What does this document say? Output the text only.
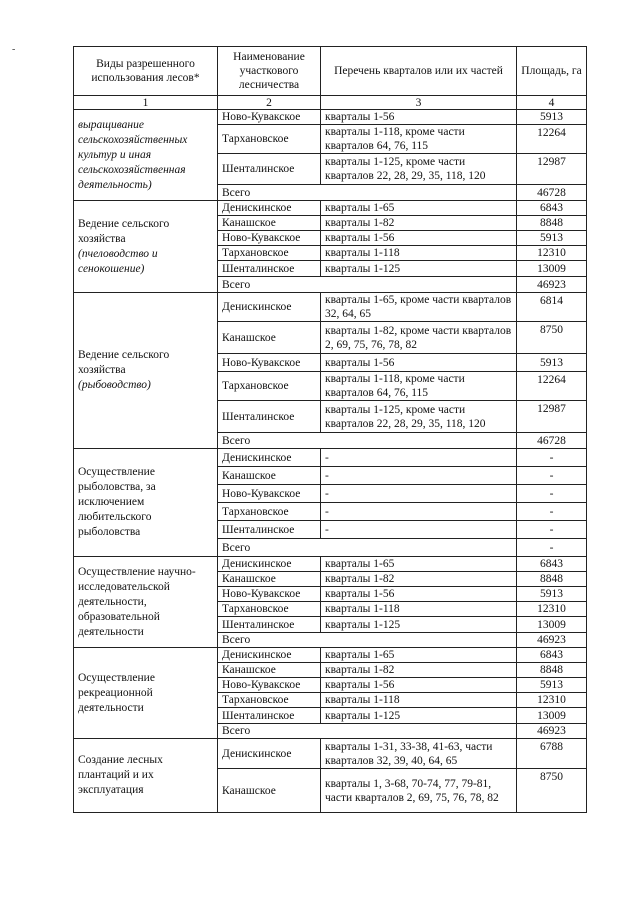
-
Виды разрешенного использования лесов*	Наименование участкового лесничества	Перечень кварталов или их частей	Площадь, га
1	2	3	4
выращивание сельскохозяйственных культур и иная сельскохозяйственная деятельность)	Ново-Кувакское	кварталы 1-56	5913
	Тархановское	кварталы 1-118, кроме части кварталов 64, 76, 115	12264
	Шенталинское	кварталы 1-125, кроме части кварталов 22, 28, 29, 35, 118, 120	12987
	Всего		46728
Ведение сельского хозяйства
(пчеловодство и сенокошение)	Денискинское	кварталы 1-65	6843
	Канашское	кварталы 1-82	8848
	Ново-Кувакское	кварталы 1-56	5913
	Тархановское	кварталы 1-118	12310
	Шенталинское	кварталы 1-125	13009
	Всего		46923
Ведение сельского хозяйства
(рыбоводство)	Денискинское	кварталы 1-65, кроме части кварталов 32, 64, 65	6814
	Канашское	кварталы 1-82, кроме части кварталов 2, 69, 75, 76, 78, 82	8750
	Ново-Кувакское	кварталы 1-56	5913
	Тархановское	кварталы 1-118, кроме части кварталов 64, 76, 115	12264
	Шенталинское	кварталы 1-125, кроме части кварталов 22, 28, 29, 35, 118, 120	12987
	Всего		46728
Осуществление рыболовства, за исключением любительского рыболовства	Денискинское	-	-
	Канашское	-	-
	Ново-Кувакское	-	-
	Тархановское	-	-
	Шенталинское	-	-
	Всего		-
Осуществление научно-исследовательской деятельности, образовательной деятельности	Денискинское	кварталы 1-65	6843
	Канашское	кварталы 1-82	8848
	Ново-Кувакское	кварталы 1-56	5913
	Тархановское	кварталы 1-118	12310
	Шенталинское	кварталы 1-125	13009
	Всего		46923
Осуществление рекреационной деятельности	Денискинское	кварталы 1-65	6843
	Канашское	кварталы 1-82	8848
	Ново-Кувакское	кварталы 1-56	5913
	Тархановское	кварталы 1-118	12310
	Шенталинское	кварталы 1-125	13009
	Всего		46923
Создание лесных плантаций и их эксплуатация	Денискинское	кварталы 1-31, 33-38, 41-63, части кварталов 32, 39, 40, 64, 65	6788
	Канашское	кварталы 1, 3-68, 70-74, 77, 79-81, части кварталов 2, 69, 75, 76, 78, 82	8750
